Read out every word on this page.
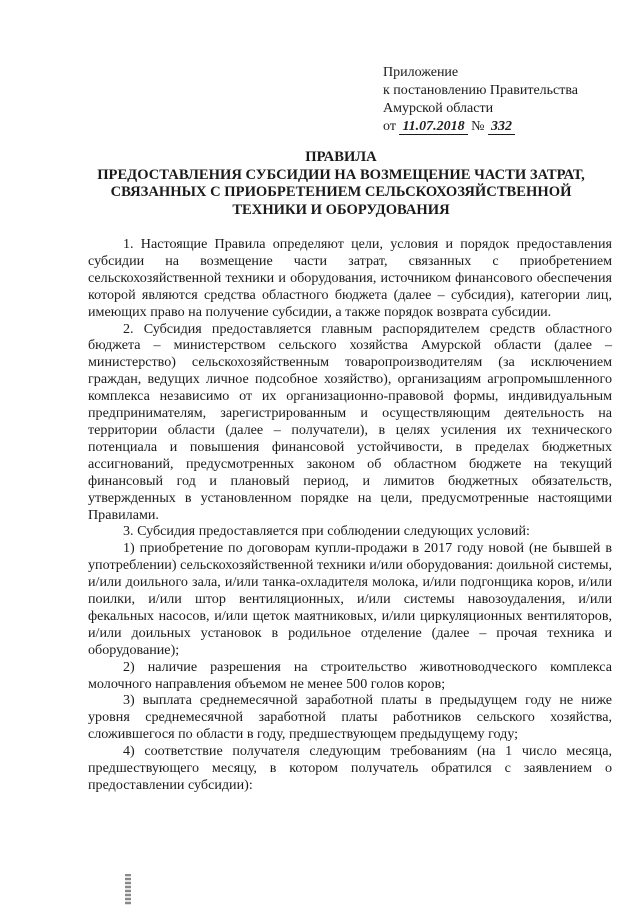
Приложение
к постановлению Правительства
Амурской области
от 11.07.2018 № 332
ПРАВИЛА
ПРЕДОСТАВЛЕНИЯ СУБСИДИИ НА ВОЗМЕЩЕНИЕ ЧАСТИ ЗАТРАТ,
СВЯЗАННЫХ С ПРИОБРЕТЕНИЕМ СЕЛЬСКОХОЗЯЙСТВЕННОЙ
ТЕХНИКИ И ОБОРУДОВАНИЯ

1. Настоящие Правила определяют цели, условия и порядок предоставления субсидии на возмещение части затрат, связанных с приобретением сельскохозяйственной техники и оборудования, источником финансового обеспечения которой являются средства областного бюджета (далее – субсидия), категории лиц, имеющих право на получение субсидии, а также порядок возврата субсидии.

2. Субсидия предоставляется главным распорядителем средств областного бюджета – министерством сельского хозяйства Амурской области (далее – министерство) сельскохозяйственным товаропроизводителям (за исключением граждан, ведущих личное подсобное хозяйство), организациям агропромышленного комплекса независимо от их организационно-правовой формы, индивидуальным предпринимателям, зарегистрированным и осуществляющим деятельность на территории области (далее – получатели), в целях усиления их технического потенциала и повышения финансовой устойчивости, в пределах бюджетных ассигнований, предусмотренных законом об областном бюджете на текущий финансовый год и плановый период, и лимитов бюджетных обязательств, утвержденных в установленном порядке на цели, предусмотренные настоящими Правилами.

3. Субсидия предоставляется при соблюдении следующих условий:

1) приобретение по договорам купли-продажи в 2017 году новой (не бывшей в употреблении) сельскохозяйственной техники и/или оборудования: доильной системы, и/или доильного зала, и/или танка-охладителя молока, и/или подгонщика коров, и/или поилки, и/или штор вентиляционных, и/или системы навозоудаления, и/или фекальных насосов, и/или щеток маятниковых, и/или циркуляционных вентиляторов, и/или доильных установок в родильное отделение (далее – прочая техника и оборудование);

2) наличие разрешения на строительство животноводческого комплекса молочного направления объемом не менее 500 голов коров;

3) выплата среднемесячной заработной платы в предыдущем году не ниже уровня среднемесячной заработной платы работников сельского хозяйства, сложившегося по области в году, предшествующем предыдущему году;

4) соответствие получателя следующим требованиям (на 1 число месяца, предшествующего месяцу, в котором получатель обратился с заявлением о предоставлении субсидии):
